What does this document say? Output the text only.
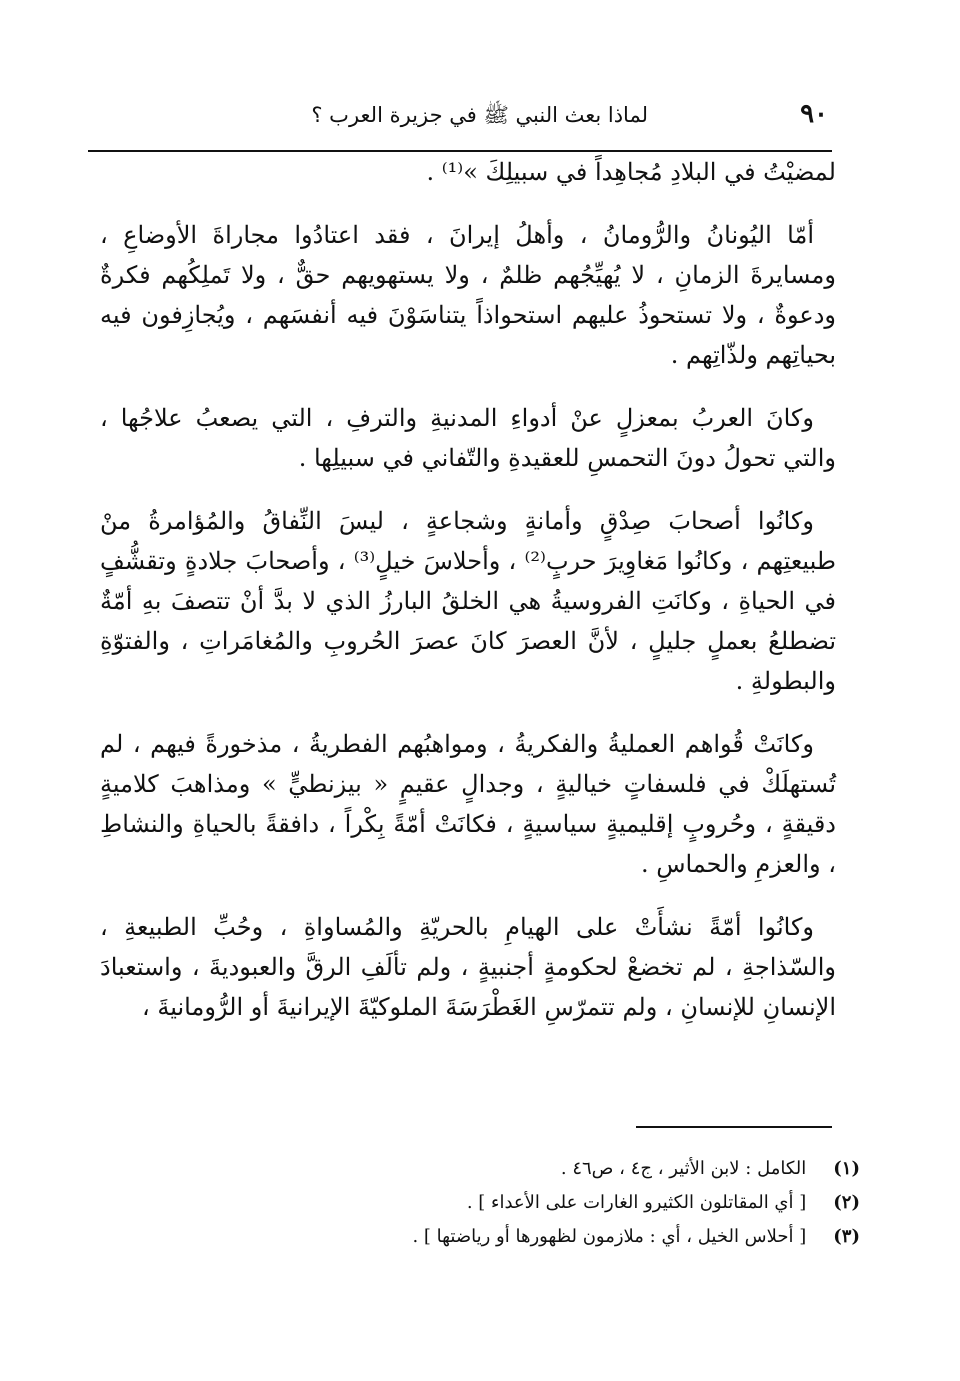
٩٠
لماذا بعث النبي ﷺ في جزيرة العرب ؟

لمضيْتُ في البلادِ مُجاهِداً في سبيلِكَ »⁽¹⁾ .

أمّا اليُونانُ والرُّومانُ ، وأهلُ إيرانَ ، فقد اعتادُوا مجاراةَ الأوضاعِ ، ومسايرةَ الزمانِ ، لا يُهيِّجُهم ظلمٌ ، ولا يستهويهم حقٌّ ، ولا تَملِكُهم فكرةٌ ودعوةٌ ، ولا تستحوذُ عليهم استحواذاً يتناسَوْنَ فيه أنفسَهم ، ويُجازِفون فيه بحياتِهم ولذّاتِهم .

وكانَ العربُ بمعزلٍ عنْ أدواءِ المدنيةِ والترفِ ، التي يصعبُ علاجُها ، والتي تحولُ دونَ التحمسِ للعقيدةِ والتّفاني في سبيلِها .

وكانُوا أصحابَ صِدْقٍ وأمانةٍ وشجاعةٍ ، ليسَ النِّفاقُ والمُؤامرةُ منْ طبيعتِهم ، وكانُوا مَغاوِيرَ حربٍ⁽²⁾ ، وأحلاسَ خيلٍ⁽³⁾ ، وأصحابَ جلادةٍ وتقشُّفٍ في الحياةِ ، وكانَتِ الفروسيةُ هي الخلقُ البارزُ الذي لا بدَّ أنْ تتصفَ بهِ أمّةٌ تضطلعُ بعملٍ جليلٍ ، لأنَّ العصرَ كانَ عصرَ الحُروبِ والمُغامَراتِ ، والفتوّةِ والبطولةِ .

وكانَتْ قُواهم العمليةُ والفكريةُ ، ومواهبُهم الفطريةُ ، مذخورةً فيهم ، لم تُستهلَكْ في فلسفاتٍ خياليةٍ ، وجدالٍ عقيمٍ « بيزنطيٍّ » ومذاهبَ كلاميةٍ دقيقةٍ ، وحُروبٍ إقليميةٍ سياسيةٍ ، فكانَتْ أمّةً بِكْراً ، دافقةً بالحياةِ والنشاطِ ، والعزمِ والحماسِ .

وكانُوا أمّةً نشأَتْ على الهيامِ بالحريّةِ والمُساواةِ ، وحُبِّ الطبيعةِ ، والسّذاجةِ ، لم تخضعْ لحكومةٍ أجنبيةٍ ، ولم تألَفِ الرقَّ والعبوديةَ ، واستعبادَ الإنسانِ للإنسانِ ، ولم تتمرّسِ الغَطْرَسَةَ الملوكيّةَ الإيرانيةَ أو الرُّومانيةَ ،

(١) الكامل : لابن الأثير ، ج٤ ، ص٤٦ .
(٢) [ أي المقاتلون الكثيرو الغارات على الأعداء ] .
(٣) [ أحلاس الخيل ، أي : ملازمون لظهورها أو رياضتها ] .
